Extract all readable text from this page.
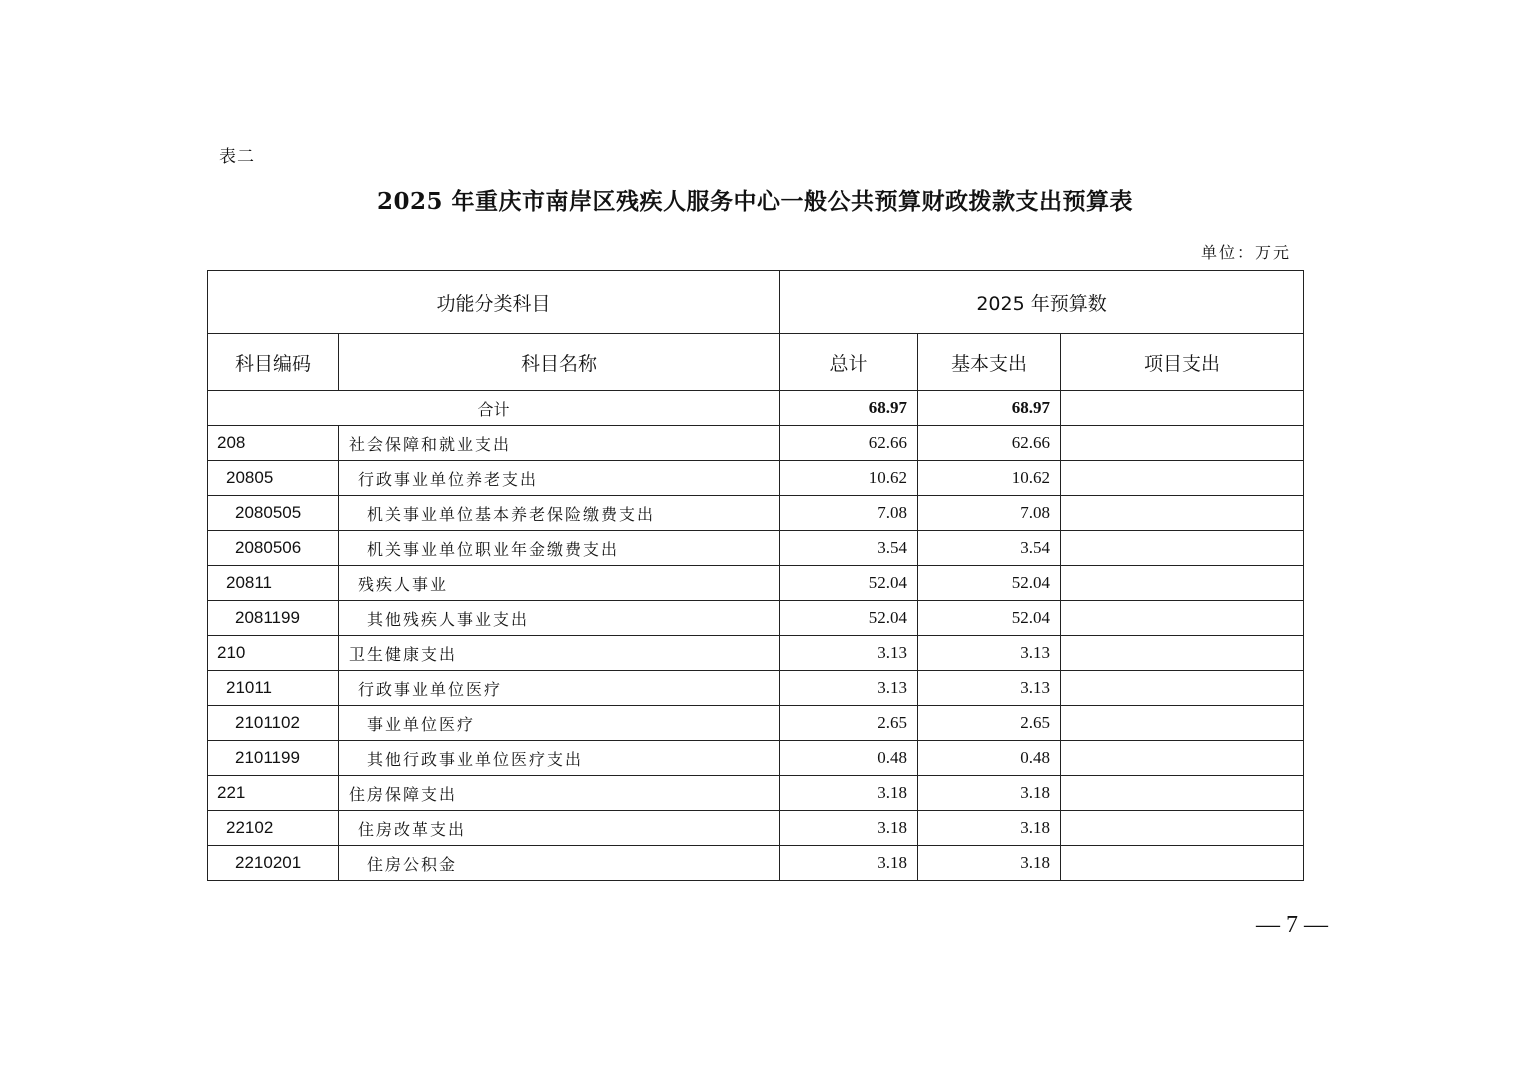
表二
2025 年重庆市南岸区残疾人服务中心一般公共预算财政拨款支出预算表
单位：万元
功能分类科目		2025 年预算数		
科目编码	科目名称	总计	基本支出	项目支出
合计		68.97	68.97	
208	社会保障和就业支出	62.66	62.66	
20805	行政事业单位养老支出	10.62	10.62	
2080505	机关事业单位基本养老保险缴费支出	7.08	7.08	
2080506	机关事业单位职业年金缴费支出	3.54	3.54	
20811	残疾人事业	52.04	52.04	
2081199	其他残疾人事业支出	52.04	52.04	
210	卫生健康支出	3.13	3.13	
21011	行政事业单位医疗	3.13	3.13	
2101102	事业单位医疗	2.65	2.65	
2101199	其他行政事业单位医疗支出	0.48	0.48	
221	住房保障支出	3.18	3.18	
22102	住房改革支出	3.18	3.18	
2210201	住房公积金	3.18	3.18	
— 7 —
